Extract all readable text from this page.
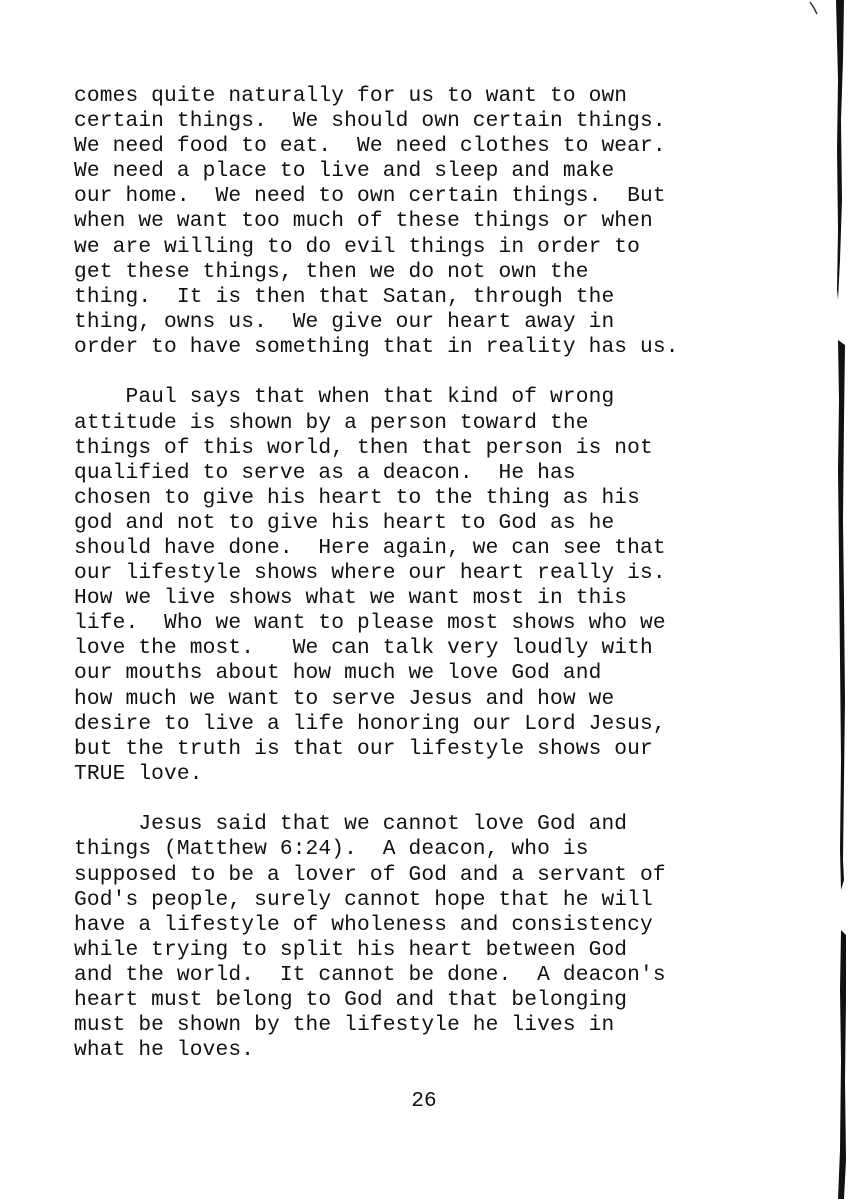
comes quite naturally for us to want to own
certain things.  We should own certain things.
We need food to eat.  We need clothes to wear.
We need a place to live and sleep and make
our home.  We need to own certain things.  But
when we want too much of these things or when
we are willing to do evil things in order to
get these things, then we do not own the
thing.  It is then that Satan, through the
thing, owns us.  We give our heart away in
order to have something that in reality has us.
Paul says that when that kind of wrong
attitude is shown by a person toward the
things of this world, then that person is not
qualified to serve as a deacon.  He has
chosen to give his heart to the thing as his
god and not to give his heart to God as he
should have done.  Here again, we can see that
our lifestyle shows where our heart really is.
How we live shows what we want most in this
life.  Who we want to please most shows who we
love the most.   We can talk very loudly with
our mouths about how much we love God and
how much we want to serve Jesus and how we
desire to live a life honoring our Lord Jesus,
but the truth is that our lifestyle shows our
TRUE love.
Jesus said that we cannot love God and
things (Matthew 6:24).  A deacon, who is
supposed to be a lover of God and a servant of
God's people, surely cannot hope that he will
have a lifestyle of wholeness and consistency
while trying to split his heart between God
and the world.  It cannot be done.  A deacon's
heart must belong to God and that belonging
must be shown by the lifestyle he lives in
what he loves.
26
